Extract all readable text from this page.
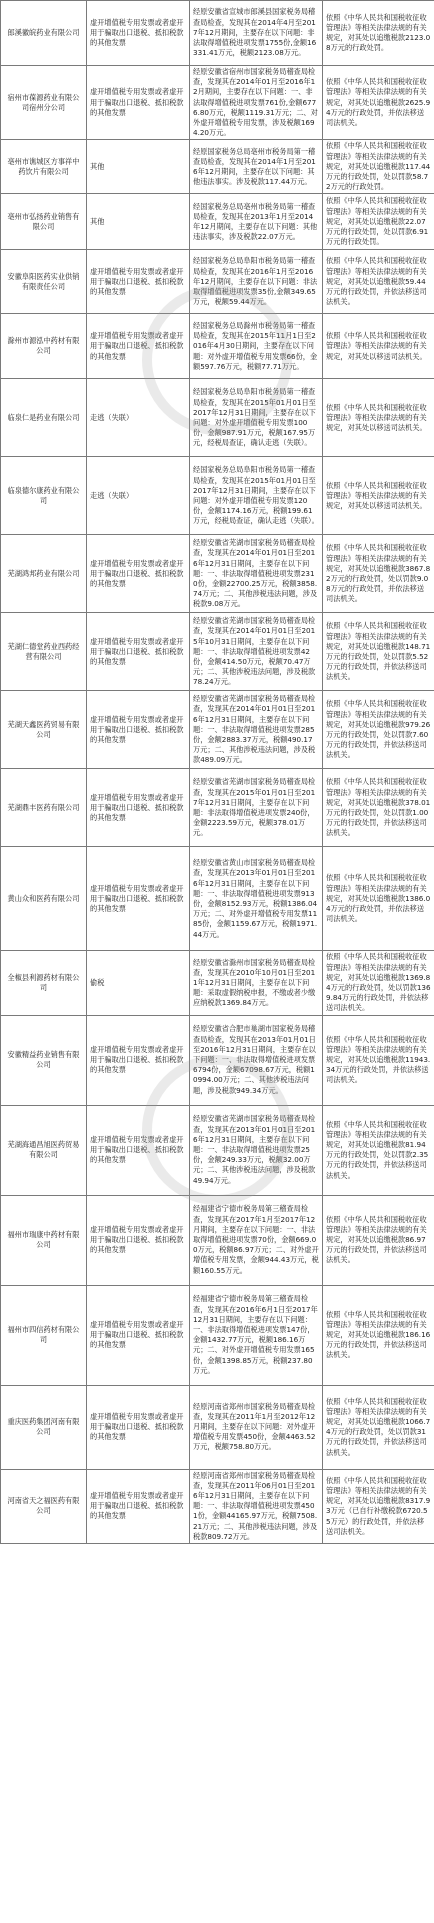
郎溪徽皖药业有限公司	虚开增值税专用发票或者虚开用于骗取出口退税、抵扣税款的其他发票	经原安徽省宣城市郎溪县国家税务局稽查局检查，发现其在2014年4月至2017年12月期间，主要存在以下问题：非法取得增值税进项发票1755份,金额16331.41万元，税额2123.08万元。	依照《中华人民共和国税收征收管理法》等相关法律法规的有关规定，对其处以追缴税款2123.08万元的行政处罚。
宿州市葆源药业有限公司宿州分公司	虚开增值税专用发票或者虚开用于骗取出口退税、抵扣税款的其他发票	经原安徽省宿州市国家税务局稽查局检查，发现其在2014年01月至2016年12月期间，主要存在以下问题：一、非法取得增值税进项发票761份,金额6776.80万元，税额1119.31万元；二、对外虚开增值税专用发票，涉及税额1694.20万元。	依照《中华人民共和国税收征收管理法》等相关法律法规的有关规定，对其处以追缴税款2625.94万元的行政处罚，并依法移送司法机关。
亳州市谯城区方事祥中药饮片有限公司	其他	经原国家税务总局亳州市税务局第一稽查局检查，发现其在2014年1月至2016年12月期间，主要存在以下问题：其他违法事实。涉及税款117.44万元。	依照《中华人民共和国税收征收管理法》等相关法律法规的有关规定，对其处以追缴税款117.44万元的行政处罚，处以罚款58.72万元的行政处罚。
亳州市弘扬药业销售有限公司	其他	经国家税务总局亳州市税务局第一稽查局检查，发现其在2013年1月至2014年12月期间，主要存在以下问题：其他违法事实，涉及税款22.07万元。	依照《中华人民共和国税收征收管理法》等相关法律法规的有关规定，对其处以追缴税款22.07万元的行政处罚，处以罚款6.91万元的行政处罚。
安徽阜阳医药实业供销有限责任公司	虚开增值税专用发票或者虚开用于骗取出口退税、抵扣税款的其他发票	经国家税务总局阜阳市税务局第一稽查局检查，发现其在2016年1月至2016年12月期间，主要存在以下问题：非法取得增值税进项发票35份,金额349.65万元，税额59.44万元。	依照《中华人民共和国税收征收管理法》等相关法律法规的有关规定，对其处以追缴税款59.44万元的行政处罚，并依法移送司法机关。
滁州市源泓中药材有限公司	虚开增值税专用发票或者虚开用于骗取出口退税、抵扣税款的其他发票	经国家税务总局滁州市税务局第一稽查局检查，发现其在2015年11月1日至2016年4月30日期间，主要存在以下问题：对外虚开增值税专用发票66份，金额597.76万元，税额77.71万元。	依照《中华人民共和国税收征收管理法》等相关法律法规的有关规定，对其处以移送司法机关。
临泉仁是药业有限公司	走逃（失联）	经国家税务总局阜阳市税务局第一稽查局检查，发现其在2015年01月01日至2017年12月31日期间，主要存在以下问题：对外虚开增值税专用发票100份，金额987.91万元，税额167.95万元，经税局查证，确认走逃（失联）。	依照《中华人民共和国税收征收管理法》等相关法律法规的有关规定，对其处以移送司法机关。
临泉德尔康药业有限公司	走逃（失联）	经国家税务总局阜阳市税务局第一稽查局检查，发现其在2015年01月01日至2017年12月31日期间，主要存在以下问题：对外虚开增值税专用发票120份，金额1174.16万元，税额199.61万元，经税局查证，确认走逃（失联）。	依照《中华人民共和国税收征收管理法》等相关法律法规的有关规定，对其处以移送司法机关。
芜湖鸿邦药业有限公司	虚开增值税专用发票或者虚开用于骗取出口退税、抵扣税款的其他发票	经原安徽省芜湖市国家税务局稽查局检查，发现其在2014年01月01日至2016年12月31日期间，主要存在以下问题：一、非法取得增值税进项发票2310份，金额22700.25万元，税额3858.74万元；二、其他涉税违法问题，涉及税款9.08万元。	依照《中华人民共和国税收征收管理法》等相关法律法规的有关规定，对其处以追缴税款3867.82万元的行政处罚，处以罚款9.08万元的行政处罚，并依法移送司法机关。
芜湖仁德堂药业西药经营有限公司	虚开增值税专用发票或者虚开用于骗取出口退税、抵扣税款的其他发票	经原安徽省芜湖市国家税务局稽查局检查，发现其在2014年01月01日至2015年10月31日期间，主要存在以下问题：一、非法取得增值税进项发票42份，金额414.50万元，税额70.47万元；二、其他涉税违法问题，涉及税款78.24万元。	依照《中华人民共和国税收征收管理法》等相关法律法规的有关规定，对其处以追缴税款148.71万元的行政处罚，处以罚款5.52万元的行政处罚，并依法移送司法机关。
芜湖天鑫医药贸易有限公司	虚开增值税专用发票或者虚开用于骗取出口退税、抵扣税款的其他发票	经原安徽省芜湖市国家税务局稽查局检查，发现其在2014年01月01日至2016年12月31日期间，主要存在以下问题：一、非法取得增值税进项发票285份，金额2883.37万元，税额490.17万元；二、其他涉税违法问题，涉及税款489.09万元。	依照《中华人民共和国税收征收管理法》等相关法律法规的有关规定，对其处以追缴税款979.26万元的行政处罚，处以罚款7.60万元的行政处罚，并依法移送司法机关。
芜湖鼎丰医药有限公司	虚开增值税专用发票或者虚开用于骗取出口退税、抵扣税款的其他发票	经原安徽省芜湖市国家税务局稽查局检查，发现其在2015年01月01日至2017年12月31日期间，主要存在以下问题：非法取得增值税进项发票240份，金额2223.59万元，税额378.01万元。	依照《中华人民共和国税收征收管理法》等相关法律法规的有关规定，对其处以追缴税款378.01万元的行政处罚，处以罚款1.00万元的行政处罚，并依法移送司法机关。
黄山众和医药有限公司	虚开增值税专用发票或者虚开用于骗取出口退税、抵扣税款的其他发票	经原安徽省黄山市国家税务局稽查局检查，发现其在2013年01月01日至2016年12月31日期间，主要存在以下问题：一、非法取得增值税进项发票913份，金额8152.93万元，税额1386.04万元；二、对外虚开增值税专用发票1185份，金额1159.67万元，税额1971.44万元。	依照《中华人民共和国税收征收管理法》等相关法律法规的有关规定，对其处以追缴税款1386.04万元的行政处罚，并依法移送司法机关。
全椒县利源药材有限公司	偷税	经原安徽省滁州市国家税务局稽查局检查，发现其在2010年10月01日至2011年12月31日期间，主要存在以下问题：采取虚假纳税申报，不缴或者少缴应纳税款1369.84万元。	依照《中华人民共和国税收征收管理法》等相关法律法规的有关规定，对其处以追缴税款1369.84万元的行政处罚，处以罚款1369.84万元的行政处罚，并依法移送司法机关。
安徽精益药业销售有限公司	虚开增值税专用发票或者虚开用于骗取出口退税、抵扣税款的其他发票	经原安徽省合肥市巢湖市国家税务局稽查局检查，发现其在2013年01月01日至2016年12月31日期间，主要存在以下问题：一、非法取得增值税进项发票6794份，金额67098.67万元，税额10994.00万元；二、其他涉税违法问题，涉及税款949.34万元。	依照《中华人民共和国税收征收管理法》等相关法律法规的有关规定，对其处以追缴税款11943.34万元的行政处罚，并依法移送司法机关。
芜湖海通昌旭医药贸易有限公司	虚开增值税专用发票或者虚开用于骗取出口退税、抵扣税款的其他发票	经原安徽省芜湖市国家税务局稽查局检查，发现其在2013年01月01日至2016年12月31日期间，主要存在以下问题：一、非法取得增值税进项发票25份，金额249.33万元，税额32.00万元；二、其他涉税违法问题，涉及税款49.94万元。	依照《中华人民共和国税收征收管理法》等相关法律法规的有关规定，对其处以追缴税款81.94万元的行政处罚，处以罚款2.35万元的行政处罚，并依法移送司法机关。
福州市瑞康中药材有限公司	虚开增值税专用发票或者虚开用于骗取出口退税、抵扣税款的其他发票	经福建省宁德市税务局第三稽查局检查，发现其在2017年1月至2017年12月期间，主要存在以下问题：一、非法取得增值税进项发票70份，金额669.00万元，税额86.97万元；二、对外虚开增值税专用发票，金额944.43万元，税额160.55万元。	依照《中华人民共和国税收征收管理法》等相关法律法规的有关规定，对其处以追缴税款86.97万元的行政处罚，并依法移送司法机关。
福州市四信药材有限公司	虚开增值税专用发票或者虚开用于骗取出口退税、抵扣税款的其他发票	经福建省宁德市税务局第三稽查局检查，发现其在2016年6月1日至2017年12月31日期间，主要存在以下问题：一、非法取得增值税进项发票147份，金额1432.77万元，税额186.16万元；二、对外虚开增值税专用发票165份，金额1398.85万元，税额237.80万元。	依照《中华人民共和国税收征收管理法》等相关法律法规的有关规定，对其处以追缴税款186.16万元的行政处罚，并依法移送司法机关。
重庆医药集团河南有限公司	虚开增值税专用发票或者虚开用于骗取出口退税、抵扣税款的其他发票	经原河南省郑州市国家税务局稽查局检查，发现其在2011年1月至2012年12月期间，主要存在以下问题：对外虚开增值税专用发票450份，金额4463.52万元，税额758.80万元。	依照《中华人民共和国税收征收管理法》等相关法律法规的有关规定，对其处以追缴税款1066.74万元的行政处罚，处以罚款31万元的行政处罚，并依法移送司法机关。
河南省天之福医药有限公司	虚开增值税专用发票或者虚开用于骗取出口退税、抵扣税款的其他发票	经原河南省郑州市国家税务局稽查局检查，发现其在2011年06月01日至2016年12月31日期间，主要存在以下问题：一、非法取得增值税进项发票4501份，金额44165.97万元，税额7508.21万元；二、其他涉税违法问题，涉及税款809.72万元。	依照《中华人民共和国税收征收管理法》等相关法律法规的有关规定，对其处以追缴税款8317.93万元（已自行补缴税款6720.55万元）的行政处罚，并依法移送司法机关。
